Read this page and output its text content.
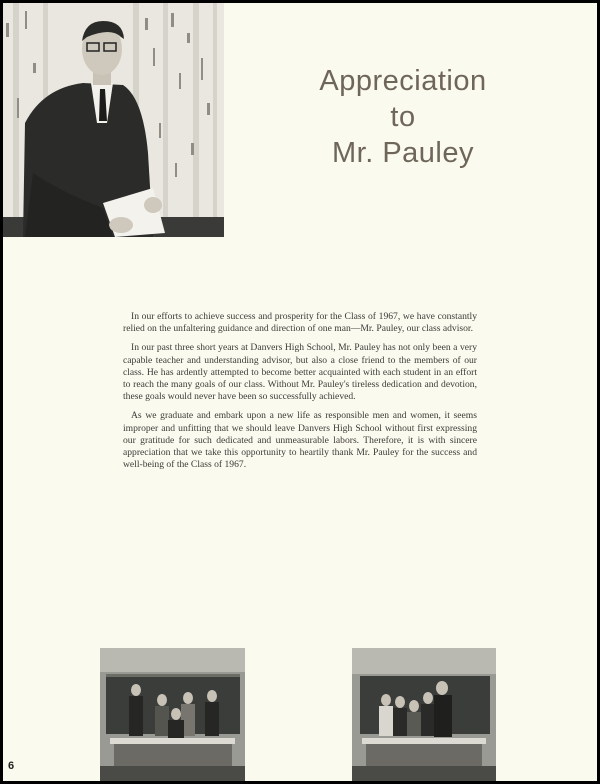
Appreciation
to
Mr. Pauley

In our efforts to achieve success and prosperity for the Class of 1967, we have constantly relied on the unfaltering guidance and direction of one man—Mr. Pauley, our class advisor.

In our past three short years at Danvers High School, Mr. Pauley has not only been a very capable teacher and understanding advisor, but also a close friend to the members of our class. He has ardently attempted to become better acquainted with each student in an effort to reach the many goals of our class. Without Mr. Pauley's tireless dedication and devotion, these goals would never have been so successfully achieved.

As we graduate and embark upon a new life as responsible men and women, it seems improper and unfitting that we should leave Danvers High School without first expressing our gratitude for such dedicated and unmeasurable labors. Therefore, it is with sincere appreciation that we take this opportunity to heartily thank Mr. Pauley for the success and well-being of the Class of 1967.

6
